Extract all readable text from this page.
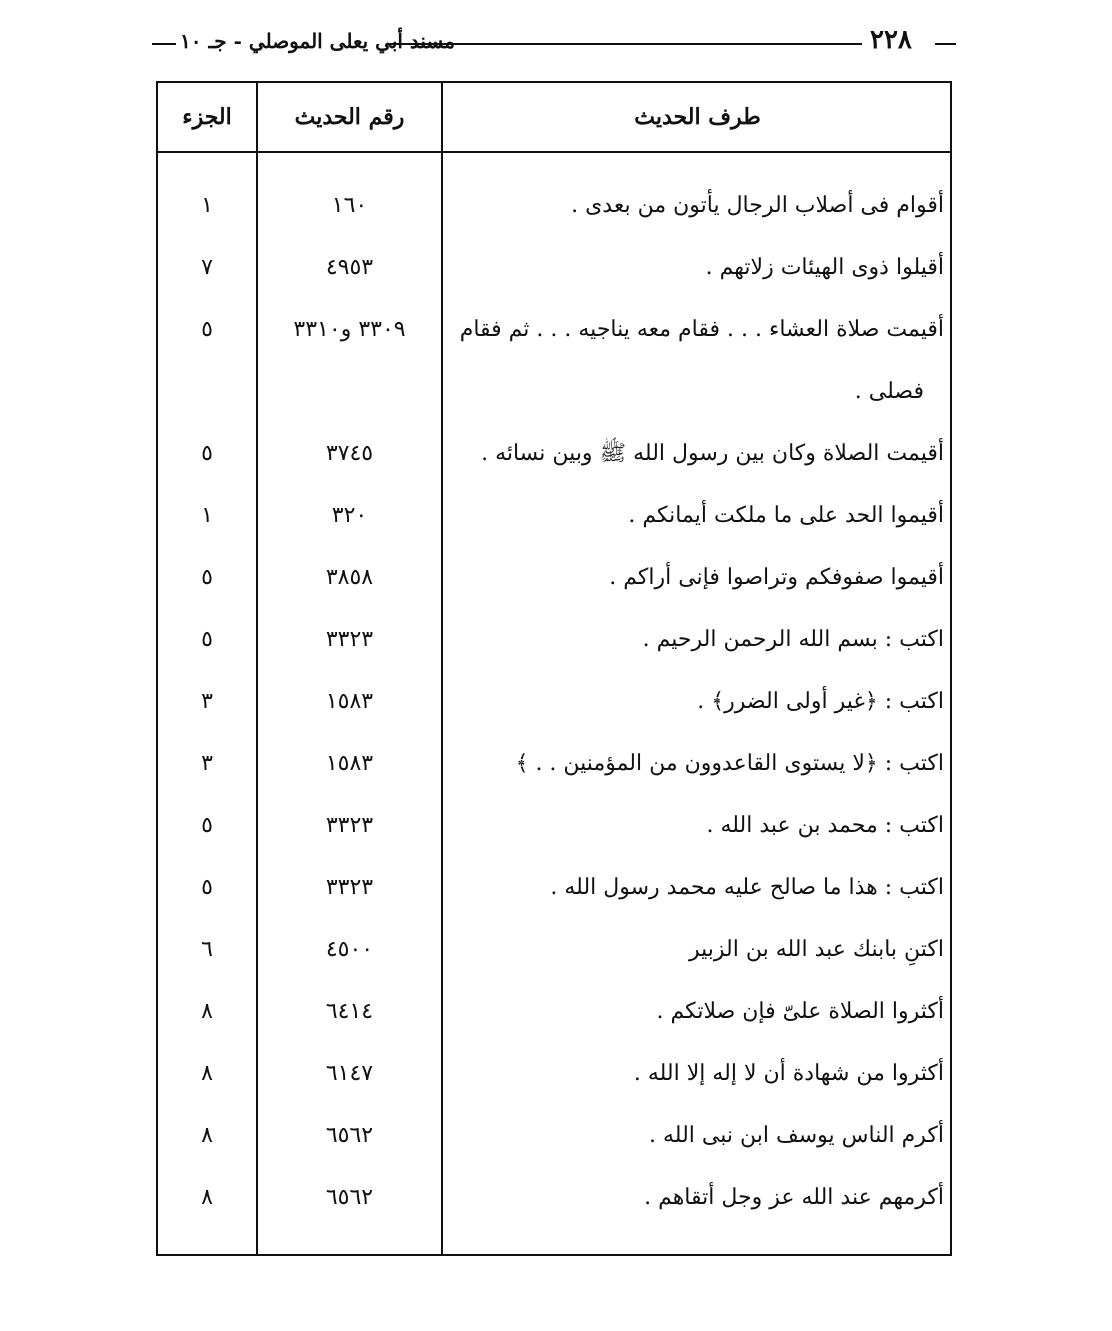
مسند أبي يعلى الموصلي - جـ ١٠	٢٢٨
طرف الحديث
رقم الحديث
الجزء
أقوام فى أصلاب الرجال يأتون من بعدى .
١٦٠
١
أقيلوا ذوى الهيئات زلاتهم .
٤٩٥٣
٧
أقيمت صلاة العشاء . . . فقام معه يناجيه . . . ثم فقام
٣٣٠٩ و٣٣١٠
٥
فصلى .
أقيمت الصلاة وكان بين رسول الله ﷺ وبين نسائه .
٣٧٤٥
٥
أقيموا الحد على ما ملكت أيمانكم .
٣٢٠
١
أقيموا صفوفكم وتراصوا فإنى أراكم .
٣٨٥٨
٥
اكتب : بسم الله الرحمن الرحيم .
٣٣٢٣
٥
اكتب : ﴿غير أولى الضرر﴾ .
١٥٨٣
٣
اكتب : ﴿لا يستوى القاعدوون من المؤمنين . . ﴾
١٥٨٣
٣
اكتب : محمد بن عبد الله .
٣٣٢٣
٥
اكتب : هذا ما صالح عليه محمد رسول الله .
٣٣٢٣
٥
اكتنِ بابنك عبد الله بن الزبير
٤٥٠٠
٦
أكثروا الصلاة علىّ فإن صلاتكم .
٦٤١٤
٨
أكثروا من شهادة أن لا إله إلا الله .
٦١٤٧
٨
أكرم الناس يوسف ابن نبى الله .
٦٥٦٢
٨
أكرمهم عند الله عز وجل أتقاهم .
٦٥٦٢
٨
